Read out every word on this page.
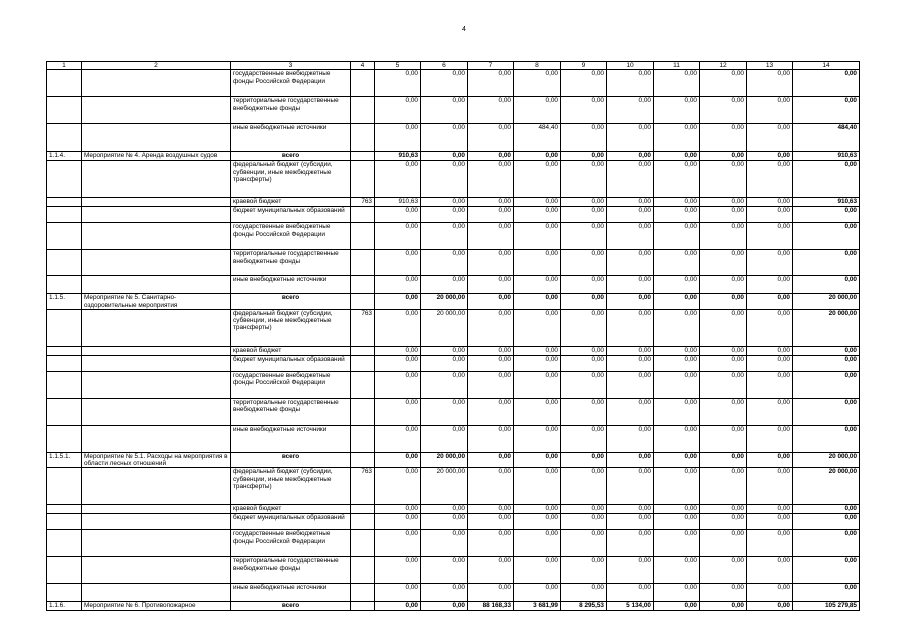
4
1	2	3	4	5	6	7	8	9	10	11	12	13	14
		государственные внебюджетные фонды Российской Федерации		0,00	0,00	0,00	0,00	0,00	0,00	0,00	0,00	0,00	0,00
		территориальные государственные внебюджетные фонды		0,00	0,00	0,00	0,00	0,00	0,00	0,00	0,00	0,00	0,00
		иные внебюджетные источники		0,00	0,00	0,00	484,40	0,00	0,00	0,00	0,00	0,00	484,40
1.1.4.	Мероприятие № 4. Аренда воздушных судов	всего		910,63	0,00	0,00	0,00	0,00	0,00	0,00	0,00	0,00	910,63
		федеральный бюджет (субсидии, субвенции, иные межбюджетные трансферты)		0,00	0,00	0,00	0,00	0,00	0,00	0,00	0,00	0,00	0,00
		краевой бюджет	763	910,63	0,00	0,00	0,00	0,00	0,00	0,00	0,00	0,00	910,63
		бюджет муниципальных образований		0,00	0,00	0,00	0,00	0,00	0,00	0,00	0,00	0,00	0,00
		государственные внебюджетные фонды Российской Федерации		0,00	0,00	0,00	0,00	0,00	0,00	0,00	0,00	0,00	0,00
		территориальные государственные внебюджетные фонды		0,00	0,00	0,00	0,00	0,00	0,00	0,00	0,00	0,00	0,00
		иные внебюджетные источники		0,00	0,00	0,00	0,00	0,00	0,00	0,00	0,00	0,00	0,00
1.1.5.	Мероприятие № 5. Санитарно-оздоровительные мероприятия	всего		0,00	20 000,00	0,00	0,00	0,00	0,00	0,00	0,00	0,00	20 000,00
		федеральный бюджет (субсидии, субвенции, иные межбюджетные трансферты)	763	0,00	20 000,00	0,00	0,00	0,00	0,00	0,00	0,00	0,00	20 000,00
		краевой бюджет		0,00	0,00	0,00	0,00	0,00	0,00	0,00	0,00	0,00	0,00
		бюджет муниципальных образований		0,00	0,00	0,00	0,00	0,00	0,00	0,00	0,00	0,00	0,00
		государственные внебюджетные фонды Российской Федерации		0,00	0,00	0,00	0,00	0,00	0,00	0,00	0,00	0,00	0,00
		территориальные государственные внебюджетные фонды		0,00	0,00	0,00	0,00	0,00	0,00	0,00	0,00	0,00	0,00
		иные внебюджетные источники		0,00	0,00	0,00	0,00	0,00	0,00	0,00	0,00	0,00	0,00
1.1.5.1.	Мероприятие № 5.1. Расходы на мероприятия в области лесных отношений	всего		0,00	20 000,00	0,00	0,00	0,00	0,00	0,00	0,00	0,00	20 000,00
		федеральный бюджет (субсидии, субвенции, иные межбюджетные трансферты)	763	0,00	20 000,00	0,00	0,00	0,00	0,00	0,00	0,00	0,00	20 000,00
		краевой бюджет		0,00	0,00	0,00	0,00	0,00	0,00	0,00	0,00	0,00	0,00
		бюджет муниципальных образований		0,00	0,00	0,00	0,00	0,00	0,00	0,00	0,00	0,00	0,00
		государственные внебюджетные фонды Российской Федерации		0,00	0,00	0,00	0,00	0,00	0,00	0,00	0,00	0,00	0,00
		территориальные государственные внебюджетные фонды		0,00	0,00	0,00	0,00	0,00	0,00	0,00	0,00	0,00	0,00
		иные внебюджетные источники		0,00	0,00	0,00	0,00	0,00	0,00	0,00	0,00	0,00	0,00
1.1.6.	Мероприятие № 6. Противопожарное	всего		0,00	0,00	88 168,33	3 681,99	8 295,53	5 134,00	0,00	0,00	0,00	105 279,85
